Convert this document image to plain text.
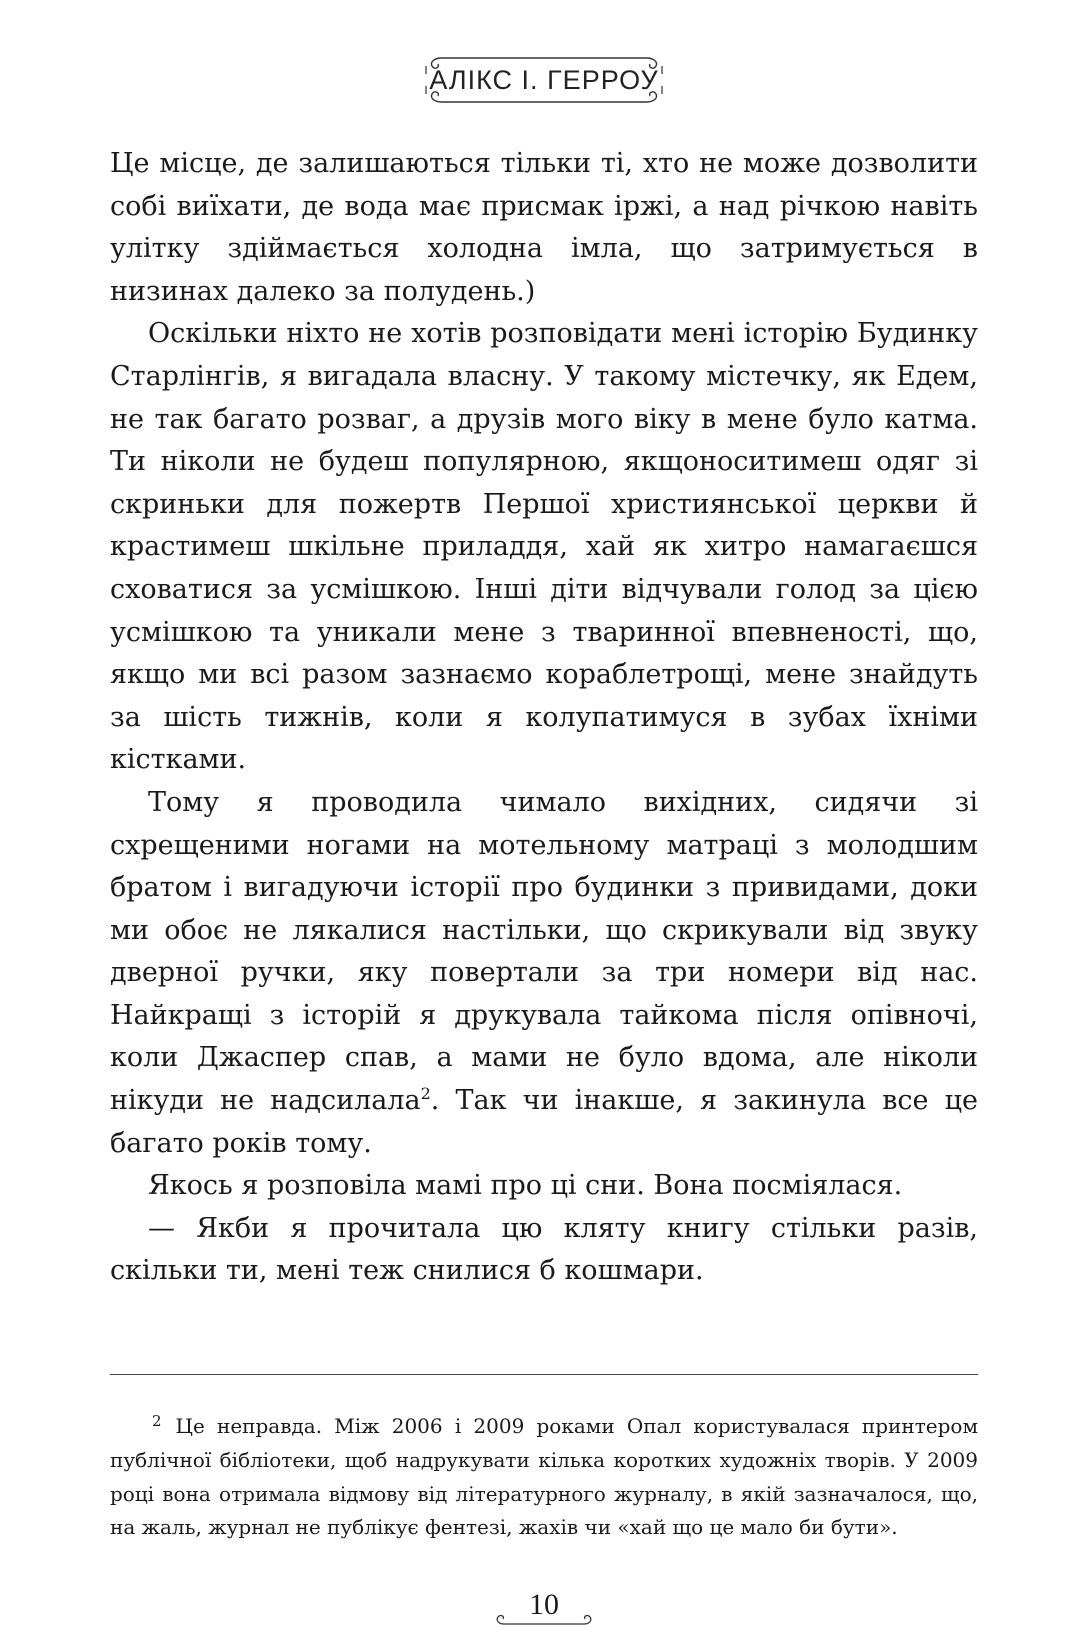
АЛІКС І. ГЕРРОУ

Це місце, де залишаються тільки ті, хто не може дозволити собі виїхати, де вода має присмак іржі, а над річкою навіть улітку здіймається холодна імла, що затримується в низинах далеко за полудень.)

Оскільки ніхто не хотів розповідати мені історію Будинку Старлінгів, я вигадала власну. У такому містечку, як Едем, не так багато розваг, а друзів мого віку в мене було катма. Ти ніколи не будеш популярною, якщоноситимеш одяг зі скриньки для пожертв Першої християнської церкви й крастимеш шкільне приладдя, хай як хитро намагаєшся сховатися за усмішкою. Інші діти відчували голод за цією усмішкою та уникали мене з тваринної впевненості, що, якщо ми всі разом зазнаємо кораблетрощі, мене знайдуть за шість тижнів, коли я колупатимуся в зубах їхніми кістками.

Тому я проводила чимало вихідних, сидячи зі схрещеними ногами на мотельному матраці з молодшим братом і вигадуючи історії про будинки з привидами, доки ми обоє не лякалися настільки, що скрикували від звуку дверної ручки, яку повертали за три номери від нас. Найкращі з історій я друкувала тайкома після опівночі, коли Джаспер спав, а мами не було вдома, але ніколи нікуди не надсилала$^2$. Так чи інакше, я закинула все це багато років тому.

Якось я розповіла мамі про ці сни. Вона посміялася.

— Якби я прочитала цю кляту книгу стільки разів, скільки ти, мені теж снилися б кошмари.

$^2$ Це неправда. Між 2006 і 2009 роками Опал користувалася принтером публічної бібліотеки, щоб надрукувати кілька коротких художніх творів. У 2009 році вона отримала відмову від літературного журналу, в якій зазначалося, що, на жаль, журнал не публікує фентезі, жахів чи «хай що це мало би бути».

10
